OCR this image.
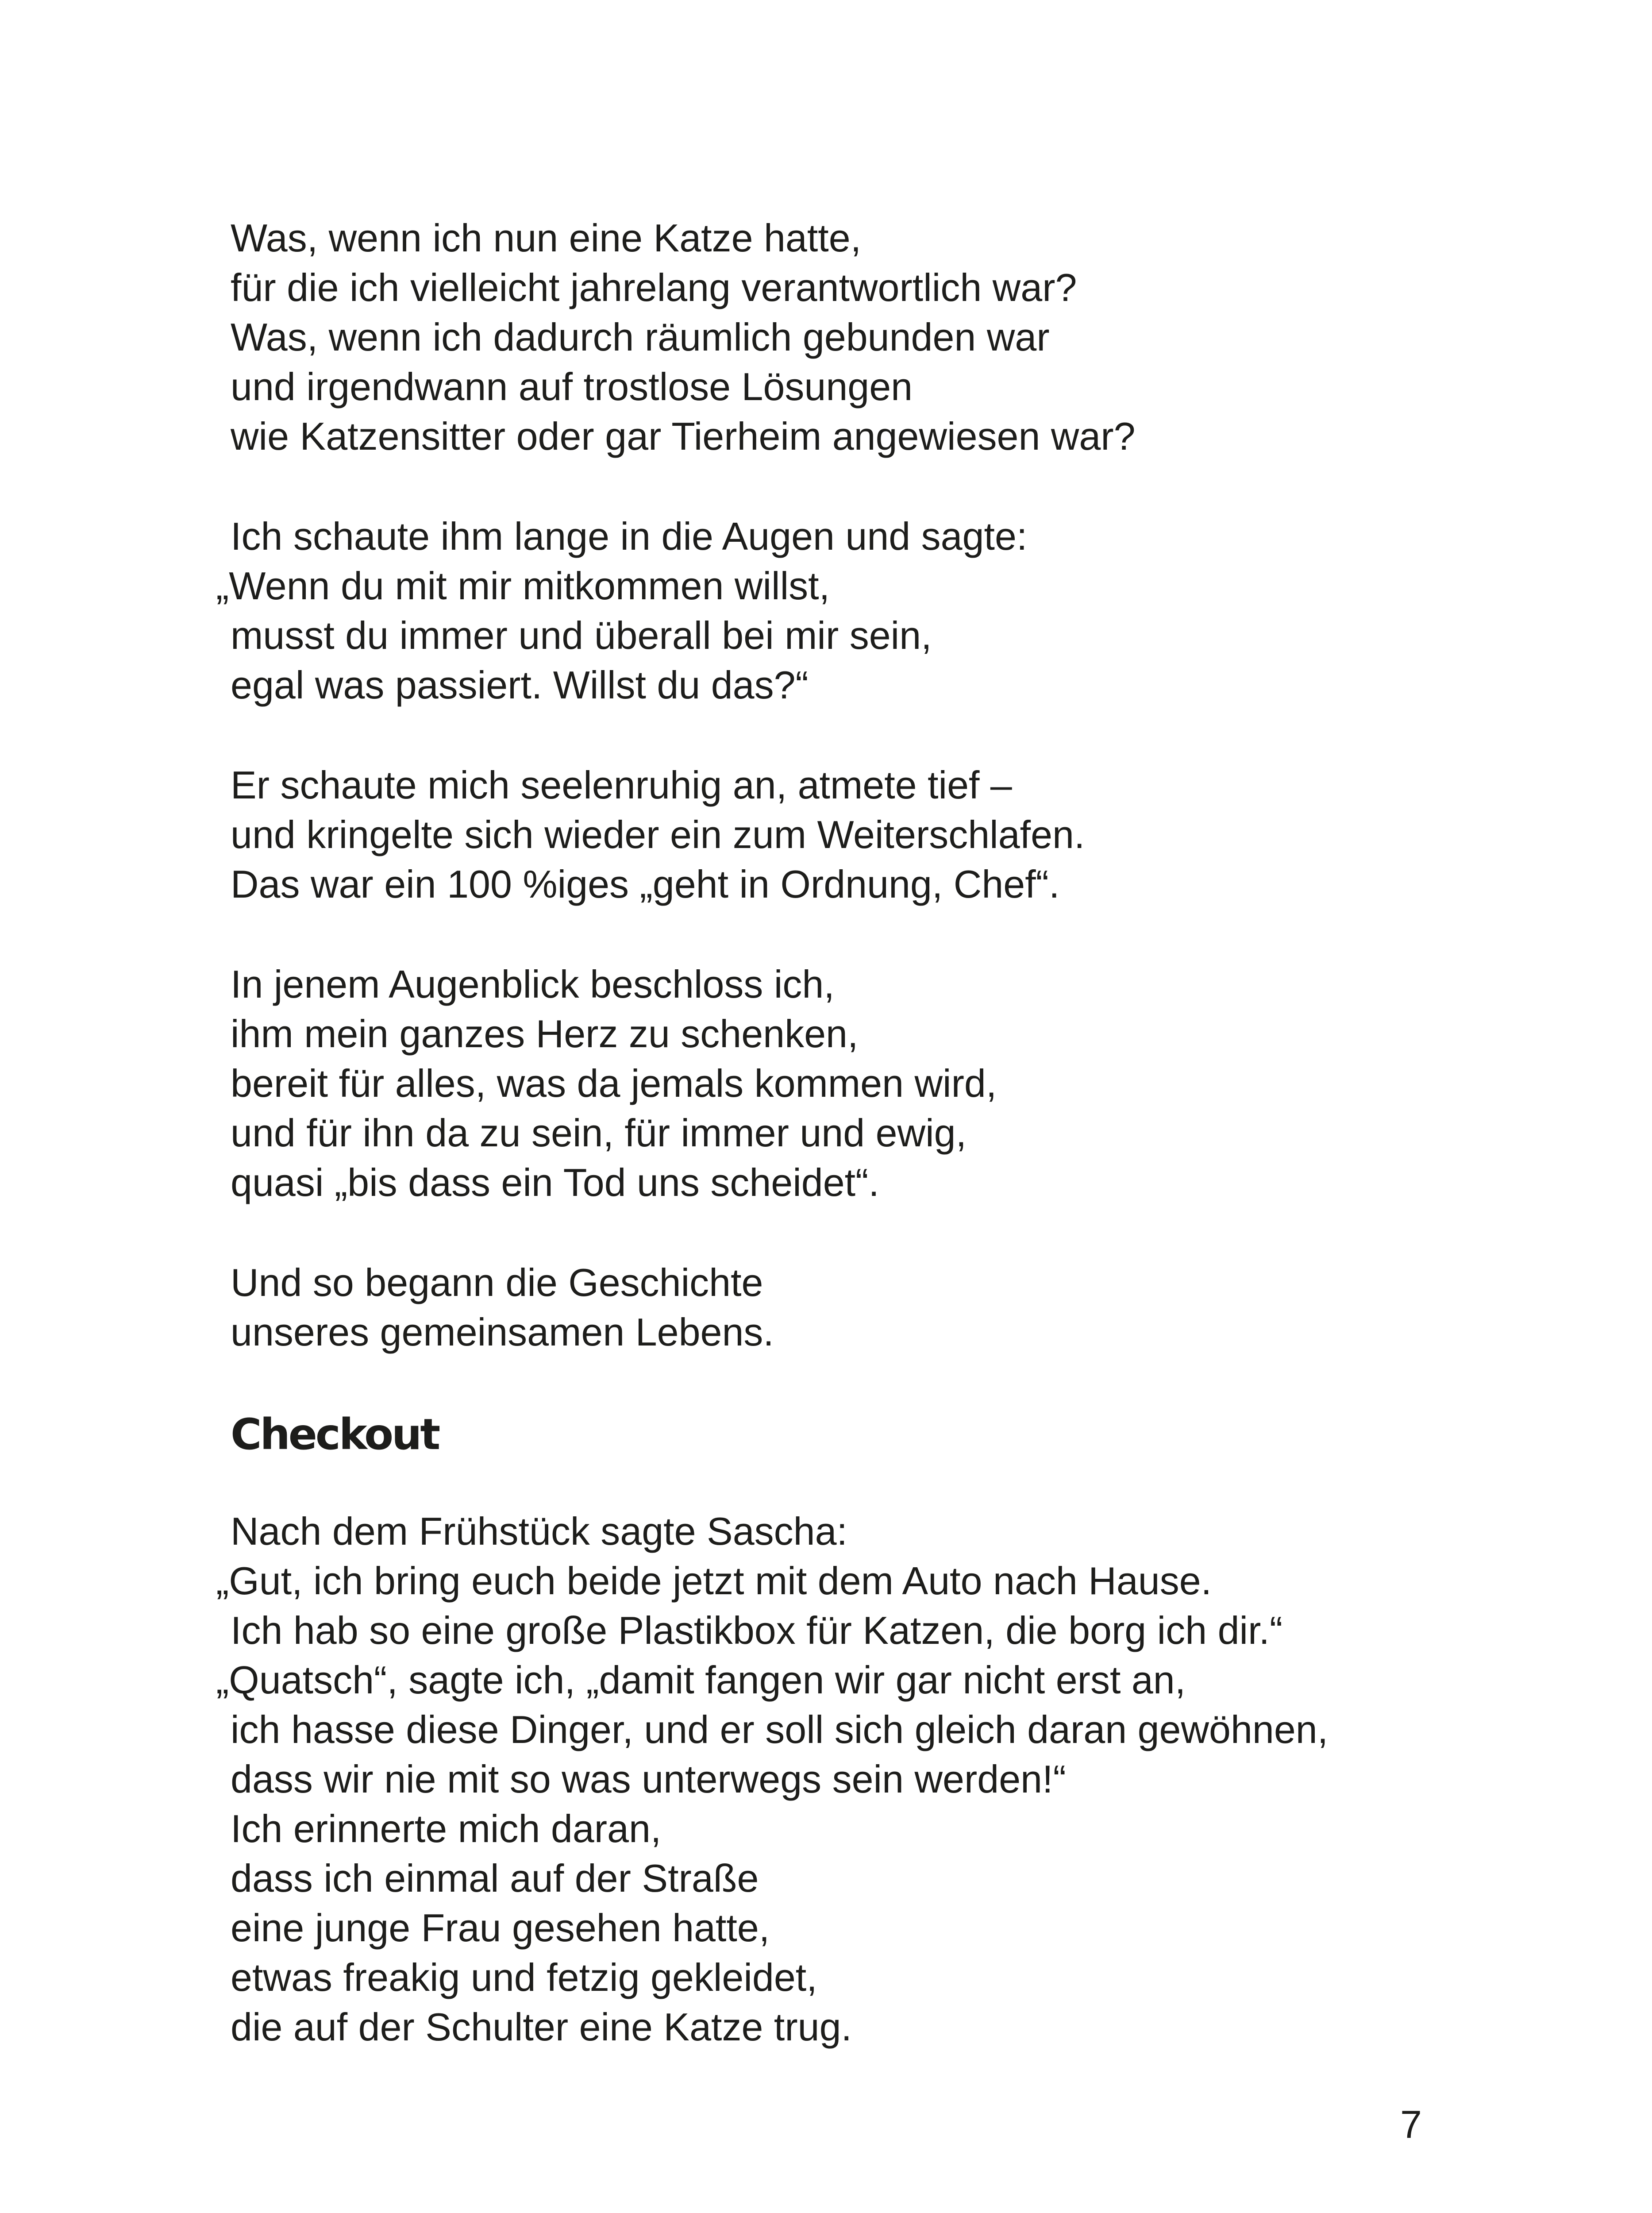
Was, wenn ich nun eine Katze hatte,
für die ich vielleicht jahrelang verantwortlich war?
Was, wenn ich dadurch räumlich gebunden war
und irgendwann auf trostlose Lösungen
wie Katzensitter oder gar Tierheim angewiesen war?
Ich schaute ihm lange in die Augen und sagte:
„Wenn du mit mir mitkommen willst,
musst du immer und überall bei mir sein,
egal was passiert. Willst du das?“
Er schaute mich seelenruhig an, atmete tief –
und kringelte sich wieder ein zum Weiterschlafen.
Das war ein 100 %iges „geht in Ordnung, Chef“.
In jenem Augenblick beschloss ich,
ihm mein ganzes Herz zu schenken,
bereit für alles, was da jemals kommen wird,
und für ihn da zu sein, für immer und ewig,
quasi „bis dass ein Tod uns scheidet“.
Und so begann die Geschichte
unseres gemeinsamen Lebens.
Checkout
Nach dem Frühstück sagte Sascha:
„Gut, ich bring euch beide jetzt mit dem Auto nach Hause.
Ich hab so eine große Plastikbox für Katzen, die borg ich dir.“
„Quatsch“, sagte ich, „damit fangen wir gar nicht erst an,
ich hasse diese Dinger, und er soll sich gleich daran gewöhnen,
dass wir nie mit so was unterwegs sein werden!“
Ich erinnerte mich daran,
dass ich einmal auf der Straße
eine junge Frau gesehen hatte,
etwas freakig und fetzig gekleidet,
die auf der Schulter eine Katze trug.
7
